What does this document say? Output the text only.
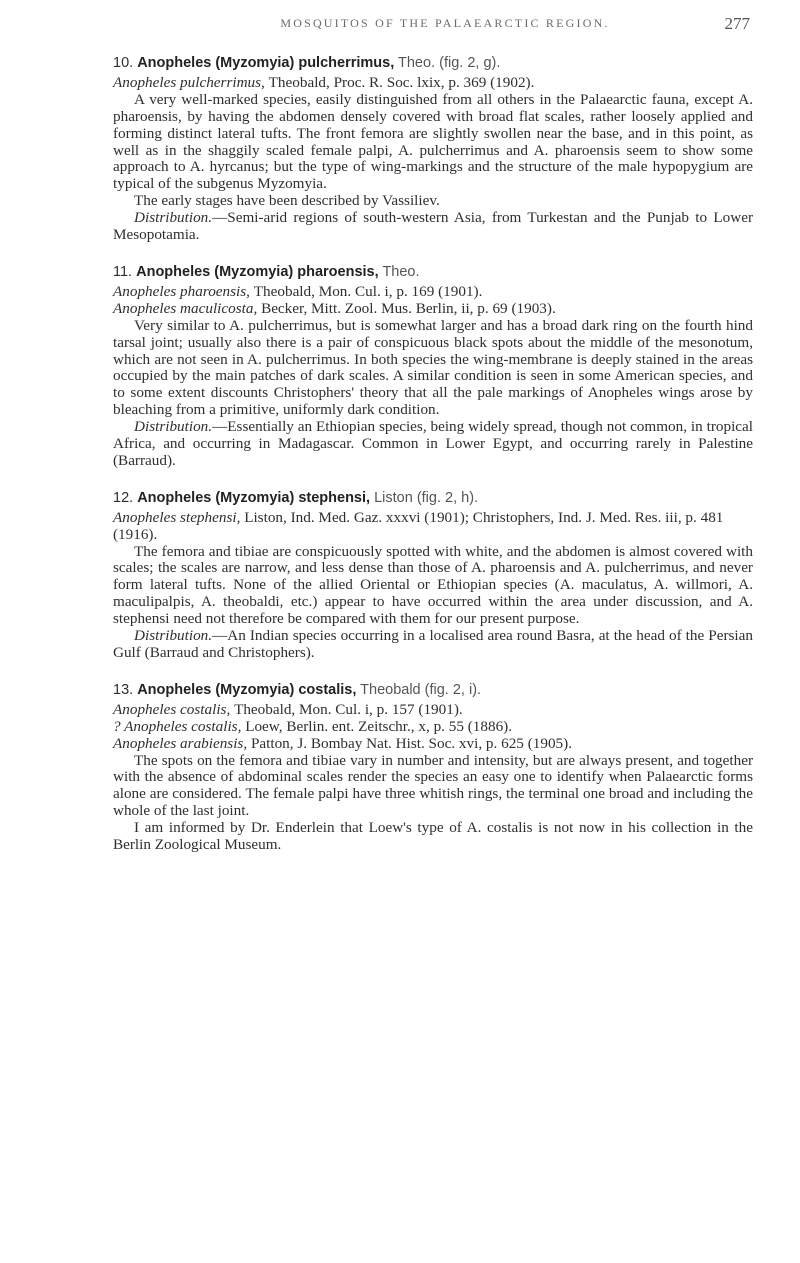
MOSQUITOS OF THE PALAEARCTIC REGION.	277

10. Anopheles (Myzomyia) pulcherrimus, Theo. (fig. 2, g).

Anopheles pulcherrimus, Theobald, Proc. R. Soc. lxix, p. 369 (1902).

A very well-marked species, easily distinguished from all others in the Palaearctic fauna, except A. pharoensis, by having the abdomen densely covered with broad flat scales, rather loosely applied and forming distinct lateral tufts. The front femora are slightly swollen near the base, and in this point, as well as in the shaggily scaled female palpi, A. pulcherrimus and A. pharoensis seem to show some approach to A. hyrcanus; but the type of wing-markings and the structure of the male hypopygium are typical of the subgenus Myzomyia.

The early stages have been described by Vassiliev.

Distribution.—Semi-arid regions of south-western Asia, from Turkestan and the Punjab to Lower Mesopotamia.

11. Anopheles (Myzomyia) pharoensis, Theo.

Anopheles pharoensis, Theobald, Mon. Cul. i, p. 169 (1901).

Anopheles maculicosta, Becker, Mitt. Zool. Mus. Berlin, ii, p. 69 (1903).

Very similar to A. pulcherrimus, but is somewhat larger and has a broad dark ring on the fourth hind tarsal joint; usually also there is a pair of conspicuous black spots about the middle of the mesonotum, which are not seen in A. pulcherrimus. In both species the wing-membrane is deeply stained in the areas occupied by the main patches of dark scales. A similar condition is seen in some American species, and to some extent discounts Christophers' theory that all the pale markings of Anopheles wings arose by bleaching from a primitive, uniformly dark condition.

Distribution.—Essentially an Ethiopian species, being widely spread, though not common, in tropical Africa, and occurring in Madagascar. Common in Lower Egypt, and occurring rarely in Palestine (Barraud).

12. Anopheles (Myzomyia) stephensi, Liston (fig. 2, h).

Anopheles stephensi, Liston, Ind. Med. Gaz. xxxvi (1901); Christophers, Ind. J. Med. Res. iii, p. 481 (1916).

The femora and tibiae are conspicuously spotted with white, and the abdomen is almost covered with scales; the scales are narrow, and less dense than those of A. pharoensis and A. pulcherrimus, and never form lateral tufts. None of the allied Oriental or Ethiopian species (A. maculatus, A. willmori, A. maculipalpis, A. theobaldi, etc.) appear to have occurred within the area under discussion, and A. stephensi need not therefore be compared with them for our present purpose.

Distribution.—An Indian species occurring in a localised area round Basra, at the head of the Persian Gulf (Barraud and Christophers).

13. Anopheles (Myzomyia) costalis, Theobald (fig. 2, i).

Anopheles costalis, Theobald, Mon. Cul. i, p. 157 (1901).

? Anopheles costalis, Loew, Berlin. ent. Zeitschr., x, p. 55 (1886).

Anopheles arabiensis, Patton, J. Bombay Nat. Hist. Soc. xvi, p. 625 (1905).

The spots on the femora and tibiae vary in number and intensity, but are always present, and together with the absence of abdominal scales render the species an easy one to identify when Palaearctic forms alone are considered. The female palpi have three whitish rings, the terminal one broad and including the whole of the last joint.

I am informed by Dr. Enderlein that Loew's type of A. costalis is not now in his collection in the Berlin Zoological Museum.
